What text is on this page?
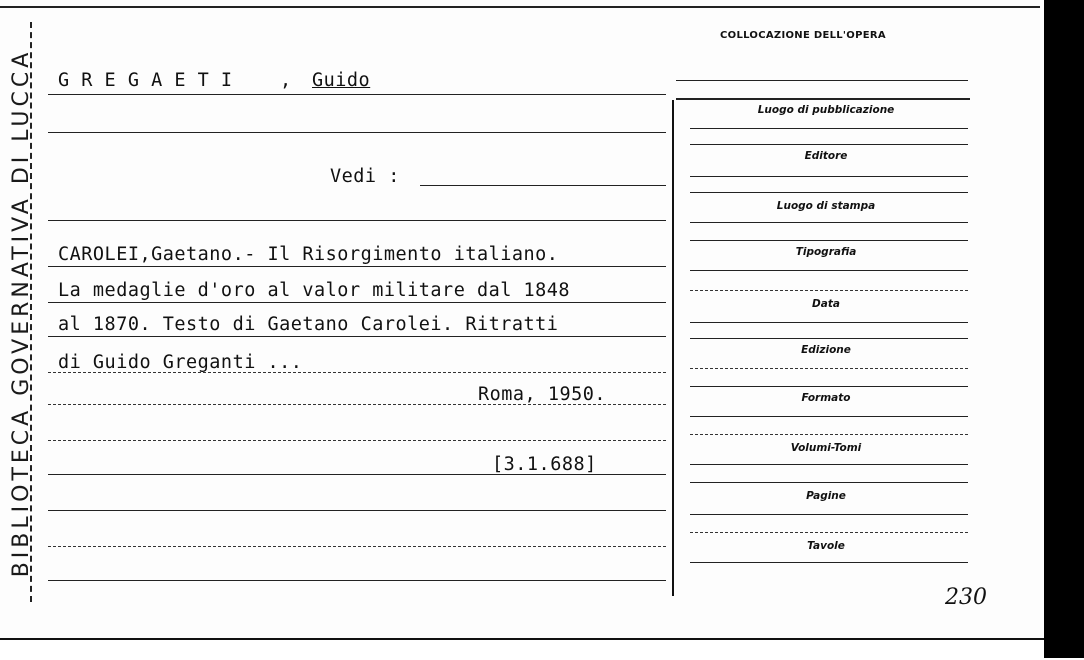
BIBLIOTECA GOVERNATIVA DI LUCCA G R E G A E T I	, Guido
Vedi :
CAROLEI,Gaetano.- Il Risorgimento italiano.
La medaglie d'oro al valor militare dal 1848
al 1870. Testo di Gaetano Carolei. Ritratti
di Guido Greganti ...
Roma, 1950.
[3.1.688]
COLLOCAZIONE DELL'OPERA
Luogo di pubblicazione
Editore
Luogo di stampa
Tipografia
Data
Edizione
Formato
Volumi-Tomi
Pagine
Tavole
230
